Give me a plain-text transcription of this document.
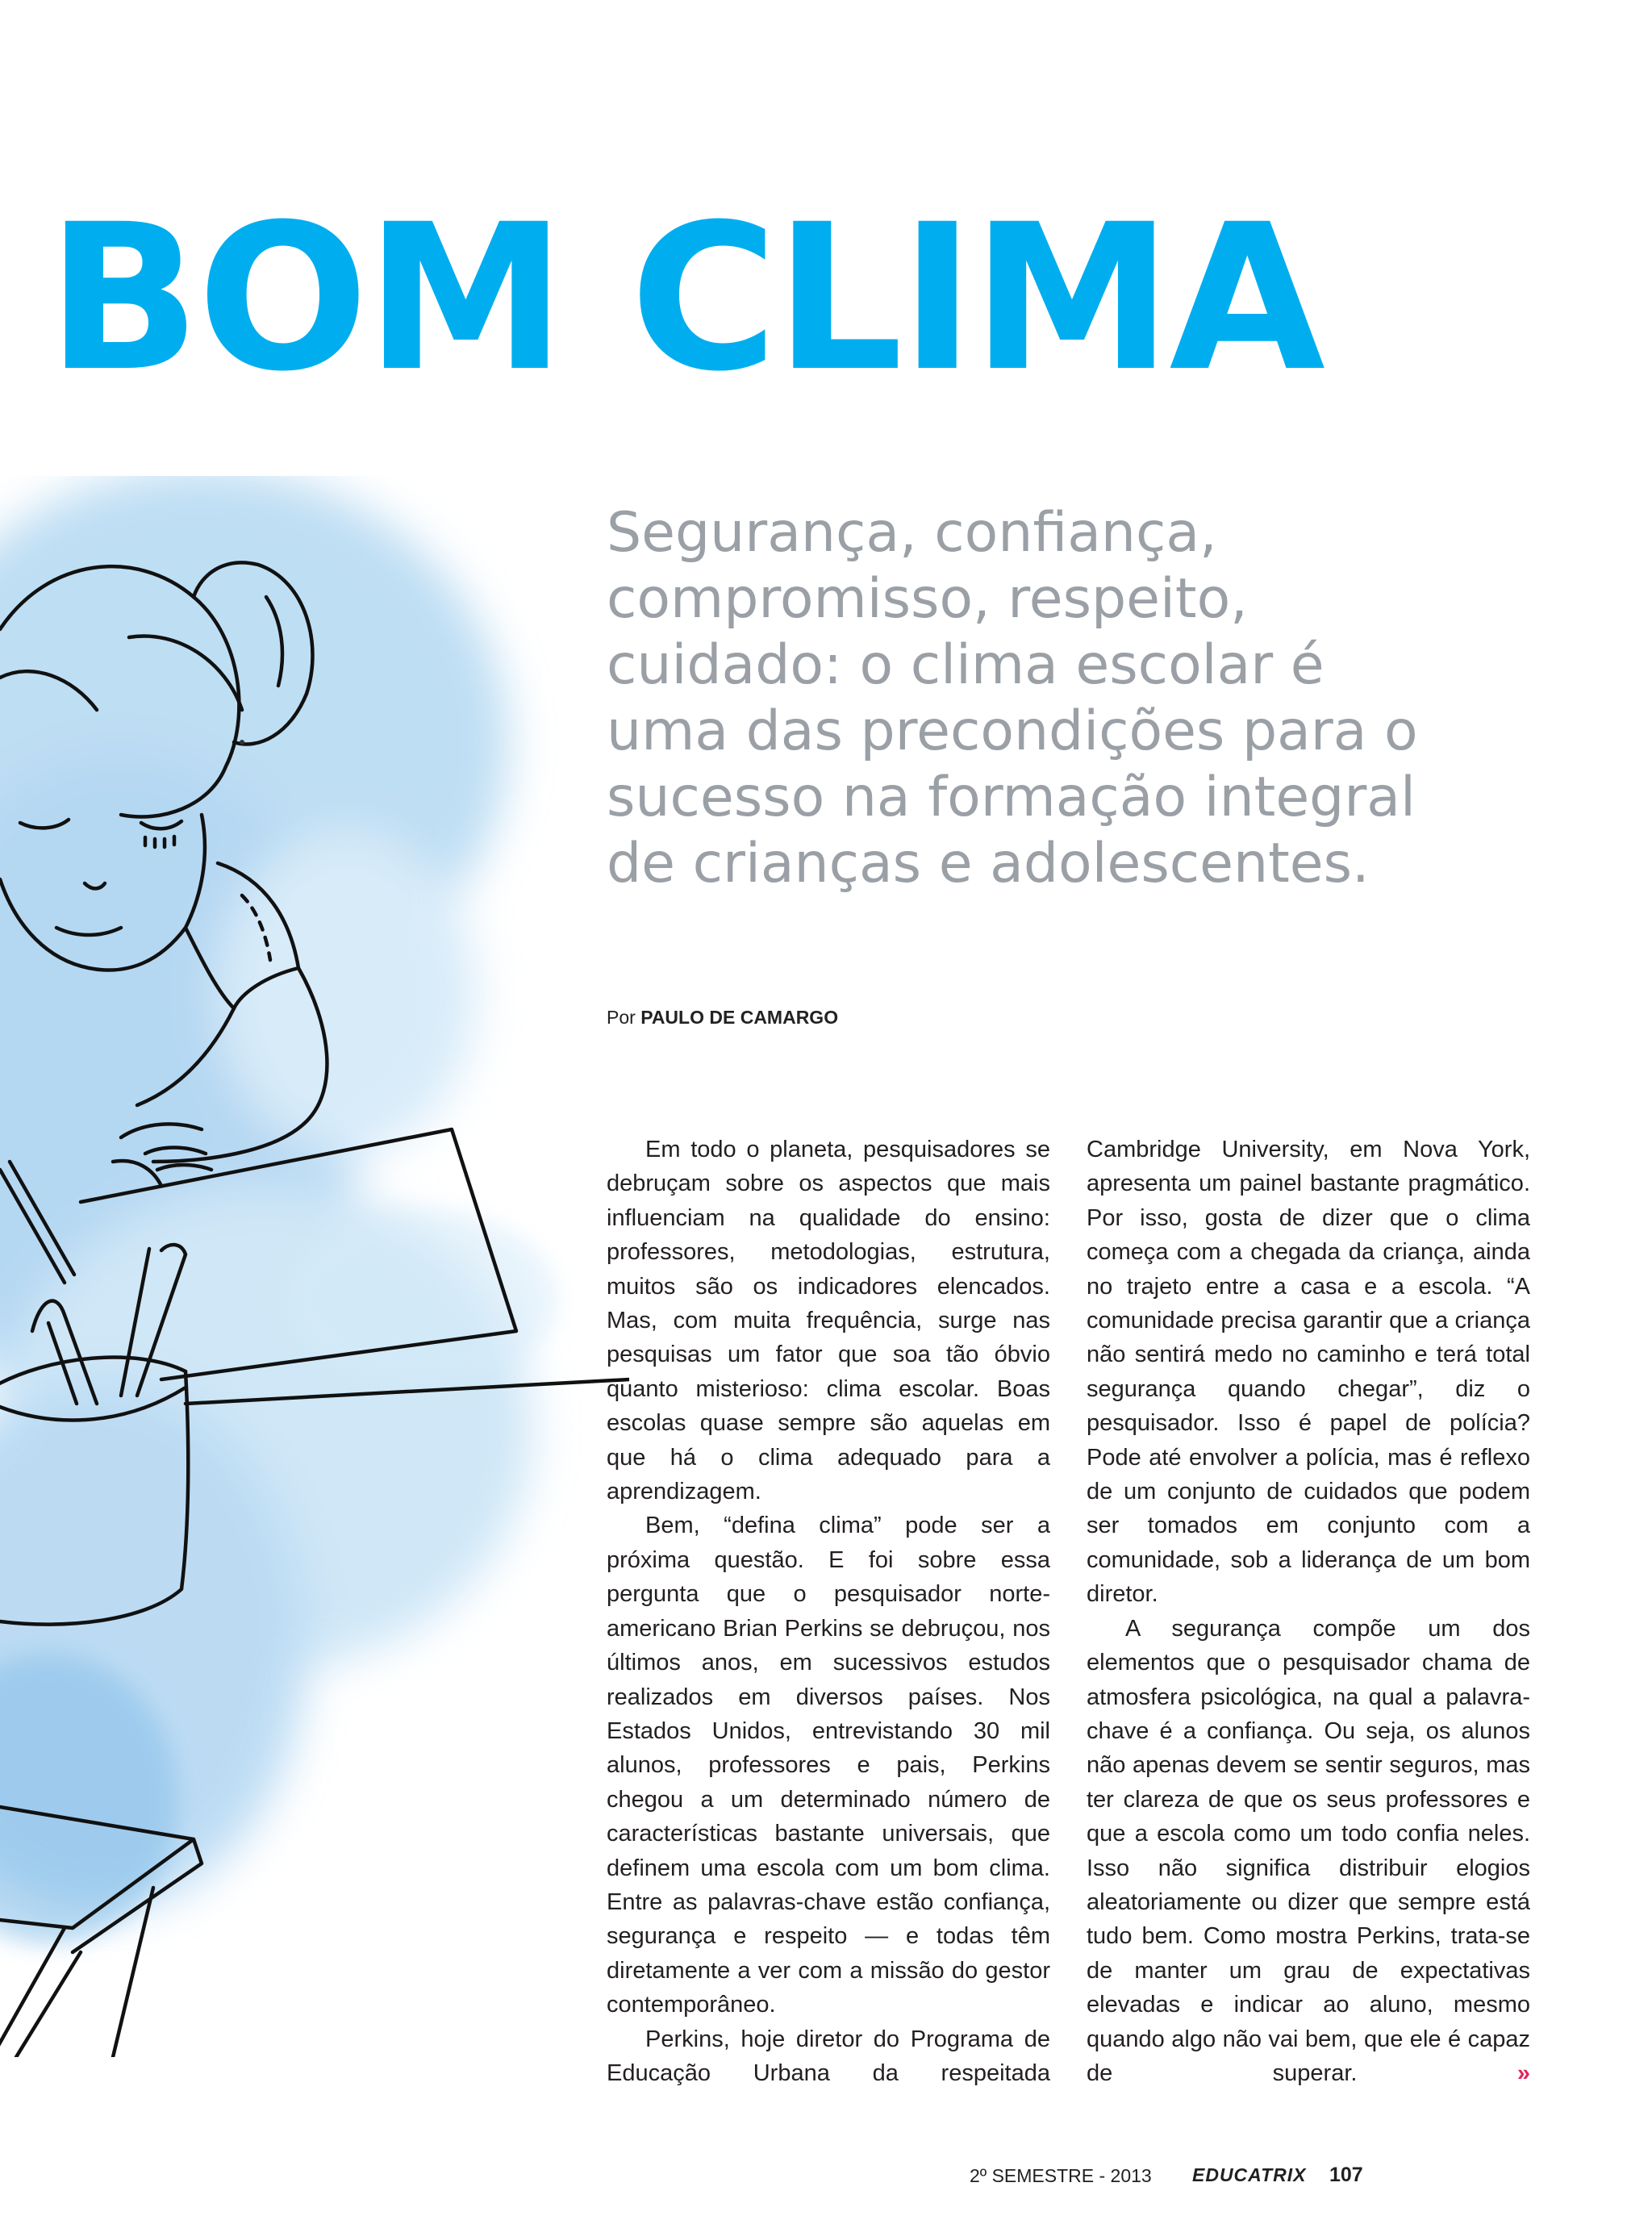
BOM CLIMA
Segurança, confiança,
compromisso, respeito,
cuidado: o clima escolar é
uma das precondições para o
sucesso na formação integral
de crianças e adolescentes.
Por PAULO DE CAMARGO

Em todo o planeta, pesquisadores se debruçam sobre os aspectos que mais influenciam na qualidade do ensino: professores, metodologias, estrutura, muitos são os indicadores elencados. Mas, com muita frequência, surge nas pesquisas um fator que soa tão óbvio quanto misterioso: clima escolar. Boas escolas quase sempre são aquelas em que há o clima adequado para a aprendizagem.

Bem, “defina clima” pode ser a próxima questão. E foi sobre essa pergunta que o pesquisador norte-americano Brian Perkins se debruçou, nos últimos anos, em sucessivos estudos realizados em diversos países. Nos Estados Unidos, entrevistando 30 mil alunos, professores e pais, Perkins chegou a um determinado número de características bastante universais, que definem uma escola com um bom clima. Entre as palavras-chave estão confiança, segurança e respeito — e todas têm diretamente a ver com a missão do gestor contemporâneo.

Perkins, hoje diretor do Programa de Educação Urbana da respeitada

Cambridge University, em Nova York, apresenta um painel bastante pragmático. Por isso, gosta de dizer que o clima começa com a chegada da criança, ainda no trajeto entre a casa e a escola. “A comunidade precisa garantir que a criança não sentirá medo no caminho e terá total segurança quando chegar”, diz o pesquisador. Isso é papel de polícia? Pode até envolver a polícia, mas é reflexo de um conjunto de cuidados que podem ser tomados em conjunto com a comunidade, sob a liderança de um bom diretor.

A segurança compõe um dos elementos que o pesquisador chama de atmosfera psicológica, na qual a palavra-chave é a confiança. Ou seja, os alunos não apenas devem se sentir seguros, mas ter clareza de que os seus professores e que a escola como um todo confia neles. Isso não significa distribuir elogios aleatoriamente ou dizer que sempre está tudo bem. Como mostra Perkins, trata-se de manter um grau de expectativas elevadas e indicar ao aluno, mesmo quando algo não vai bem, que ele é capaz de superar.	»

2º SEMESTRE - 2013 EDUCATRIX 107
